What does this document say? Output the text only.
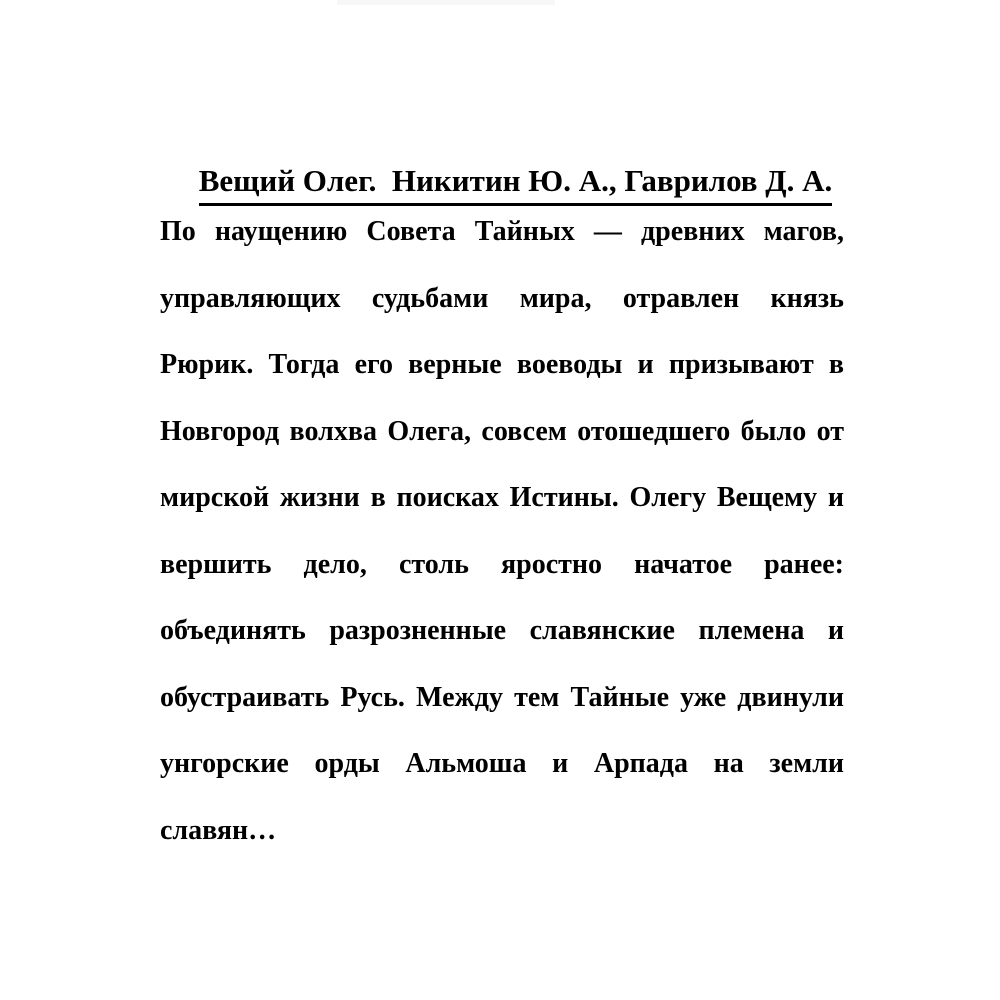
Вещий Олег.  Никитин Ю. А., Гаврилов Д. А.

По наущению Совета Тайных — древних магов,
управляющих судьбами мира, отравлен князь
Рюрик. Тогда его верные воеводы и призывают в
Новгород волхва Олега, совсем отошедшего было от
мирской жизни в поисках Истины. Олегу Вещему и
вершить дело, столь яростно начатое ранее:
объединять разрозненные славянские племена и
обустраивать Русь. Между тем Тайные уже двинули
унгорские орды Альмоша и Арпада на земли
славян…
